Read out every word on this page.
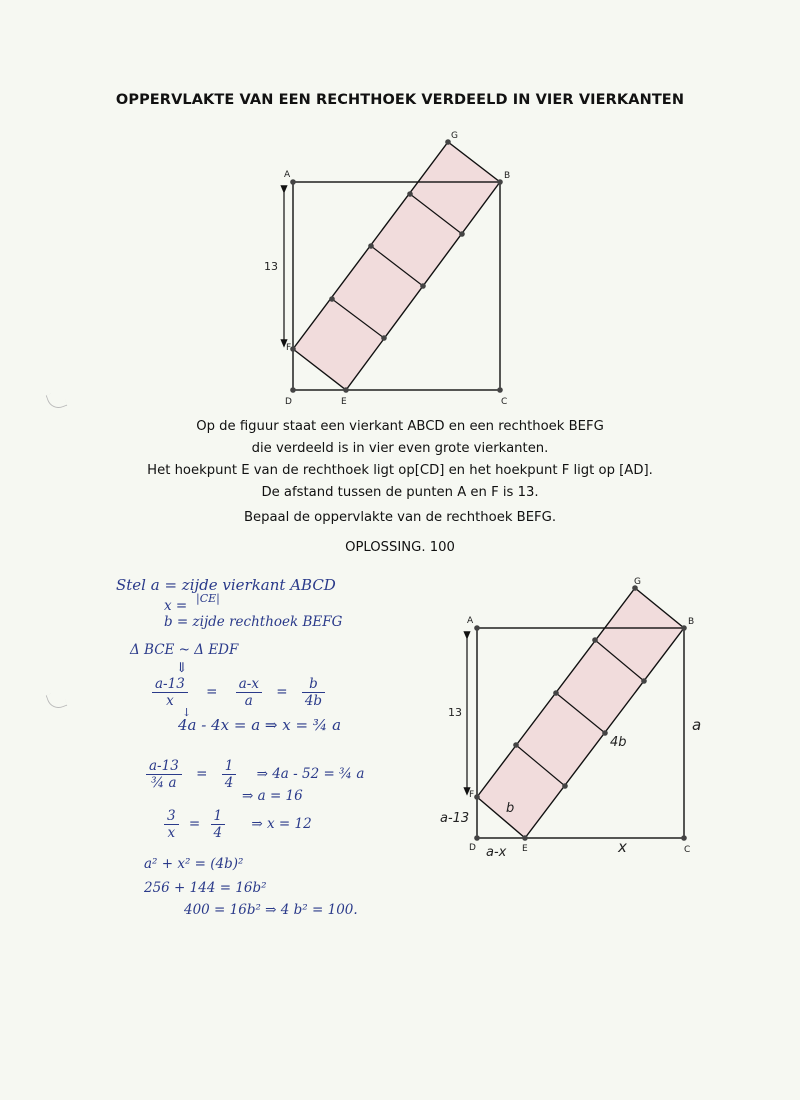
OPPERVLAKTE VAN EEN RECHTHOEK VERDEELD IN VIER VIERKANTEN
A	B
C
D	E
F
G
13
Op de figuur staat een vierkant ABCD en een rechthoek BEFG
die verdeeld is in vier even grote vierkanten.
Het hoekpunt E van de rechthoek ligt op[CD] en het hoekpunt F ligt op [AD].
De afstand tussen de punten A en F is 13.
Bepaal de oppervlakte van de rechthoek BEFG.
OPLOSSING. 100
Stel a = zijde vierkant ABCD
x = |CE|
b = zijde rechthoek BEFG
Δ BCE ~ Δ EDF
⇓
$\frac{a-13}{x} = \frac{a-x}{a} = \frac{b}{4b}$
↓
4a - 4x = a ⇒ x = ¾ a
$\frac{a-13}{\text{¾ a}} = \frac{1}{4}$ ⇒ 4a - 52 = ¾ a
⇒ a = 16
$\frac{3}{x} = \frac{1}{4}$ ⇒ x = 12
a² + x² = (4b)²
256 + 144 = 16b²
400 = 16b² ⇒ 4 b² = 100.
A	B
C
D	E
F
G
13
a
4b
b
a-13
a-x	x
